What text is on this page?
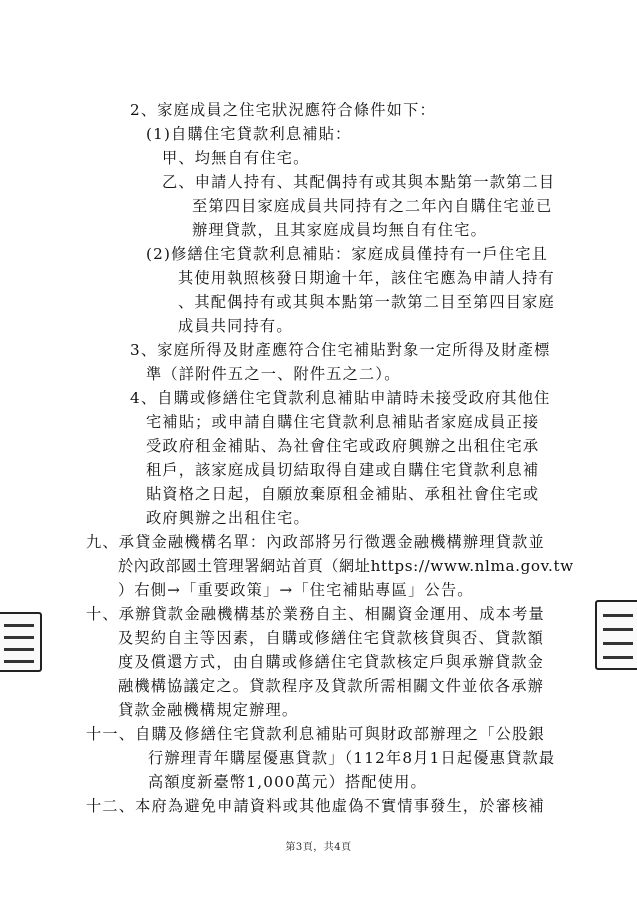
2、家庭成員之住宅狀況應符合條件如下：
(1)自購住宅貸款利息補貼：
甲、均無自有住宅。
乙、申請人持有、其配偶持有或其與本點第一款第二目
至第四目家庭成員共同持有之二年內自購住宅並已
辦理貸款，且其家庭成員均無自有住宅。
(2)修繕住宅貸款利息補貼：家庭成員僅持有一戶住宅且
其使用執照核發日期逾十年，該住宅應為申請人持有
、其配偶持有或其與本點第一款第二目至第四目家庭
成員共同持有。
3、家庭所得及財產應符合住宅補貼對象一定所得及財產標
準（詳附件五之一、附件五之二）。
4、自購或修繕住宅貸款利息補貼申請時未接受政府其他住
宅補貼；或申請自購住宅貸款利息補貼者家庭成員正接
受政府租金補貼、為社會住宅或政府興辦之出租住宅承
租戶，該家庭成員切結取得自建或自購住宅貸款利息補
貼資格之日起，自願放棄原租金補貼、承租社會住宅或
政府興辦之出租住宅。
九、承貸金融機構名單：內政部將另行徵選金融機構辦理貸款並
於內政部國土管理署網站首頁（網址https://www.nlma.gov.tw
）右側→「重要政策」→「住宅補貼專區」公告。
十、承辦貸款金融機構基於業務自主、相關資金運用、成本考量
及契約自主等因素，自購或修繕住宅貸款核貸與否、貸款額
度及償還方式，由自購或修繕住宅貸款核定戶與承辦貸款金
融機構協議定之。貸款程序及貸款所需相關文件並依各承辦
貸款金融機構規定辦理。
十一、自購及修繕住宅貸款利息補貼可與財政部辦理之「公股銀
行辦理青年購屋優惠貸款」（112年8月1日起優惠貸款最
高額度新臺幣1,000萬元）搭配使用。
十二、本府為避免申請資料或其他虛偽不實情事發生，於審核補
第3頁，共4頁
